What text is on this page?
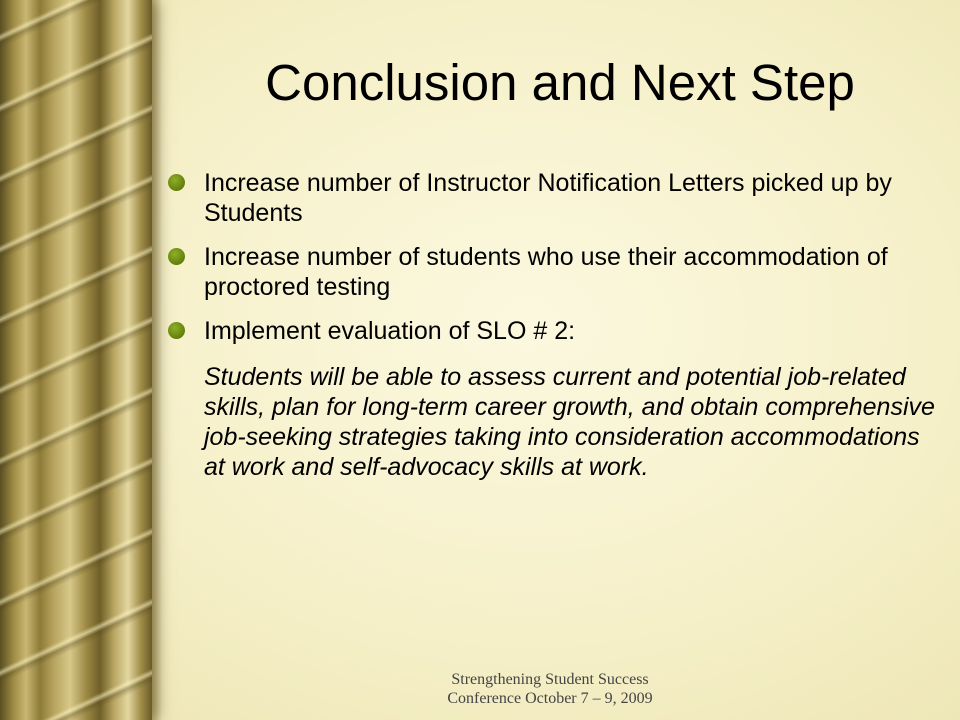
Conclusion and Next Step
Increase number of Instructor Notification Letters picked up by Students
Increase number of students who use their accommodation of proctored testing
Implement evaluation of SLO # 2:

Students will be able to assess current and potential job-related skills, plan for long-term career growth, and obtain comprehensive job-seeking strategies taking into consideration accommodations at work and self-advocacy skills at work.

Strengthening Student Success
Conference October 7 – 9, 2009
